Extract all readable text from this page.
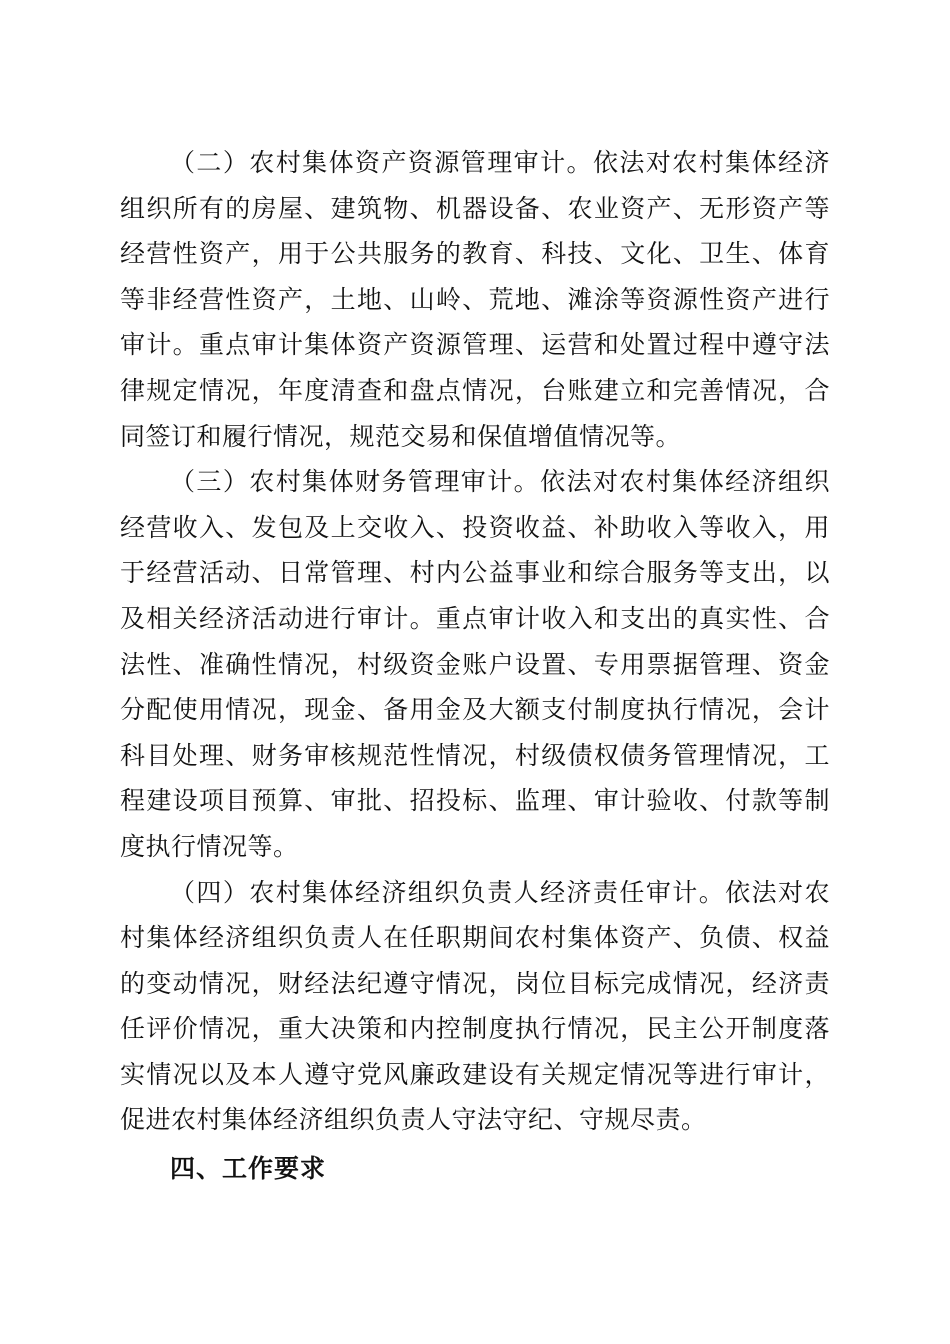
（二）农村集体资产资源管理审计。依法对农村集体经济组织所有的房屋、建筑物、机器设备、农业资产、无形资产等经营性资产，用于公共服务的教育、科技、文化、卫生、体育等非经营性资产，土地、山岭、荒地、滩涂等资源性资产进行审计。重点审计集体资产资源管理、运营和处置过程中遵守法律规定情况，年度清查和盘点情况，台账建立和完善情况，合同签订和履行情况，规范交易和保值增值情况等。

（三）农村集体财务管理审计。依法对农村集体经济组织经营收入、发包及上交收入、投资收益、补助收入等收入，用于经营活动、日常管理、村内公益事业和综合服务等支出，以及相关经济活动进行审计。重点审计收入和支出的真实性、合法性、准确性情况，村级资金账户设置、专用票据管理、资金分配使用情况，现金、备用金及大额支付制度执行情况，会计科目处理、财务审核规范性情况，村级债权债务管理情况，工程建设项目预算、审批、招投标、监理、审计验收、付款等制度执行情况等。

（四）农村集体经济组织负责人经济责任审计。依法对农村集体经济组织负责人在任职期间农村集体资产、负债、权益的变动情况，财经法纪遵守情况，岗位目标完成情况，经济责任评价情况，重大决策和内控制度执行情况，民主公开制度落实情况以及本人遵守党风廉政建设有关规定情况等进行审计，促进农村集体经济组织负责人守法守纪、守规尽责。

四、工作要求
